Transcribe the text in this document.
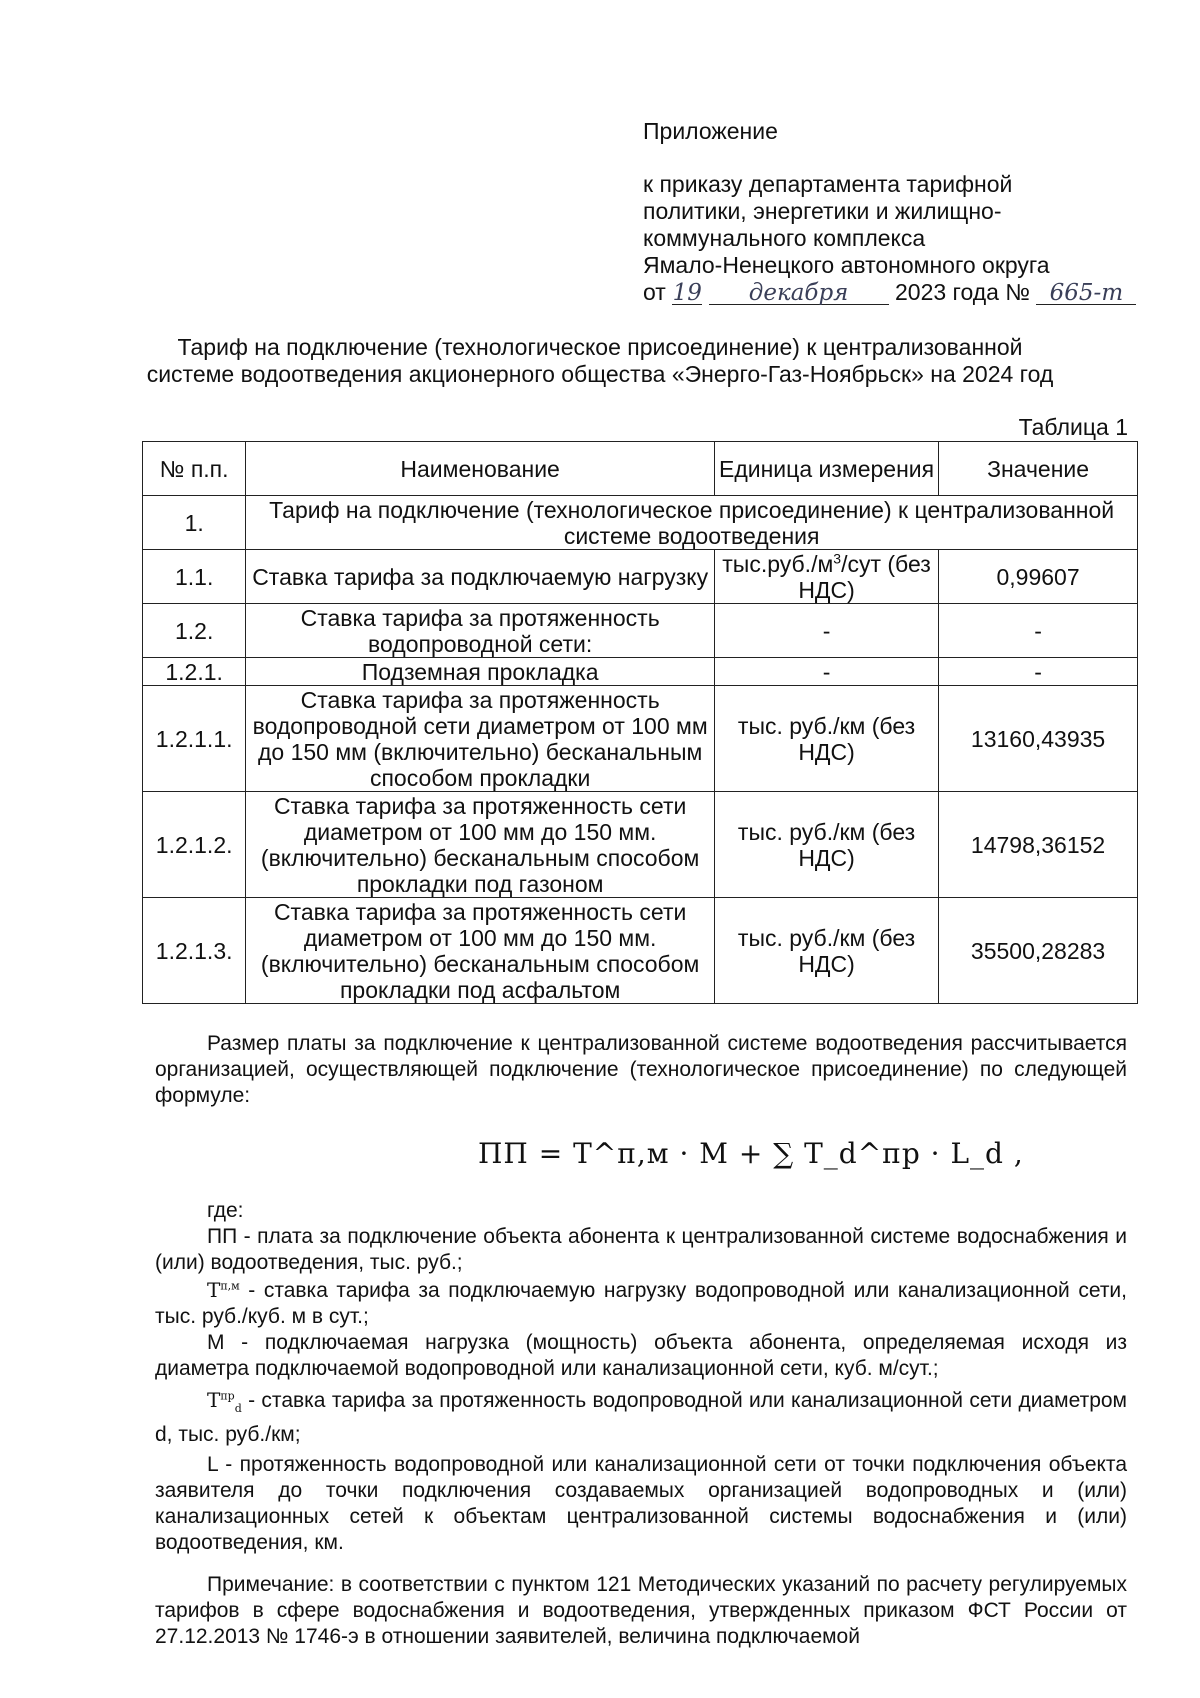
Приложение
к приказу департамента тарифной
политики, энергетики и жилищно-
коммунального комплекса
Ямало-Ненецкого автономного округа
от 19 декабря 2023 года № 665-т
Тариф на подключение (технологическое присоединение) к централизованной
системе водоотведения акционерного общества «Энерго-Газ-Ноябрьск» на 2024 год
Таблица 1
№ п.п.	Наименование	Единица измерения	Значение
1.	Тариф на подключение (технологическое присоединение) к централизованной системе водоотведения		
1.1.	Ставка тарифа за подключаемую нагрузку	$тыс.руб./м^3$/сут (без НДС)	0,99607
1.2.	Ставка тарифа за протяженность водопроводной сети:	-	-
1.2.1.	Подземная прокладка	-	-
1.2.1.1.	Ставка тарифа за протяженность водопроводной сети диаметром от 100 мм до 150 мм (включительно) бесканальным способом прокладки	тыс. руб./км (без НДС)	13160,43935
1.2.1.2.	Ставка тарифа за протяженность сети диаметром от 100 мм до 150 мм. (включительно) бесканальным способом прокладки под газоном	тыс. руб./км (без НДС)	14798,36152
1.2.1.3.	Ставка тарифа за протяженность сети диаметром от 100 мм до 150 мм. (включительно) бесканальным способом прокладки под асфальтом	тыс. руб./км (без НДС)	35500,28283
Размер платы за подключение к централизованной системе водоотведения рассчитывается организацией, осуществляющей подключение (технологическое присоединение) по следующей формуле:
ПП = Т^п,м · М + ∑ Т_d^пр · L_d ,
где:
ПП - плата за подключение объекта абонента к централизованной системе водоснабжения и (или) водоотведения, тыс. руб.;
$Т^{п,м}$ - ставка тарифа за подключаемую нагрузку водопроводной или канализационной сети, тыс. руб./куб. м в сут.;
М - подключаемая нагрузка (мощность) объекта абонента, определяемая исходя из диаметра подключаемой водопроводной или канализационной сети, куб. м/сут.;
$Т^{пр}_d$ - ставка тарифа за протяженность водопроводной или канализационной сети диаметром d, тыс. руб./км;
L - протяженность водопроводной или канализационной сети от точки подключения объекта заявителя до точки подключения создаваемых организацией водопроводных и (или) канализационных сетей к объектам централизованной системы водоснабжения и (или) водоотведения, км.
Примечание: в соответствии с пунктом 121 Методических указаний по расчету регулируемых тарифов в сфере водоснабжения и водоотведения, утвержденных приказом ФСТ России от 27.12.2013 № 1746-э в отношении заявителей, величина подключаемой
